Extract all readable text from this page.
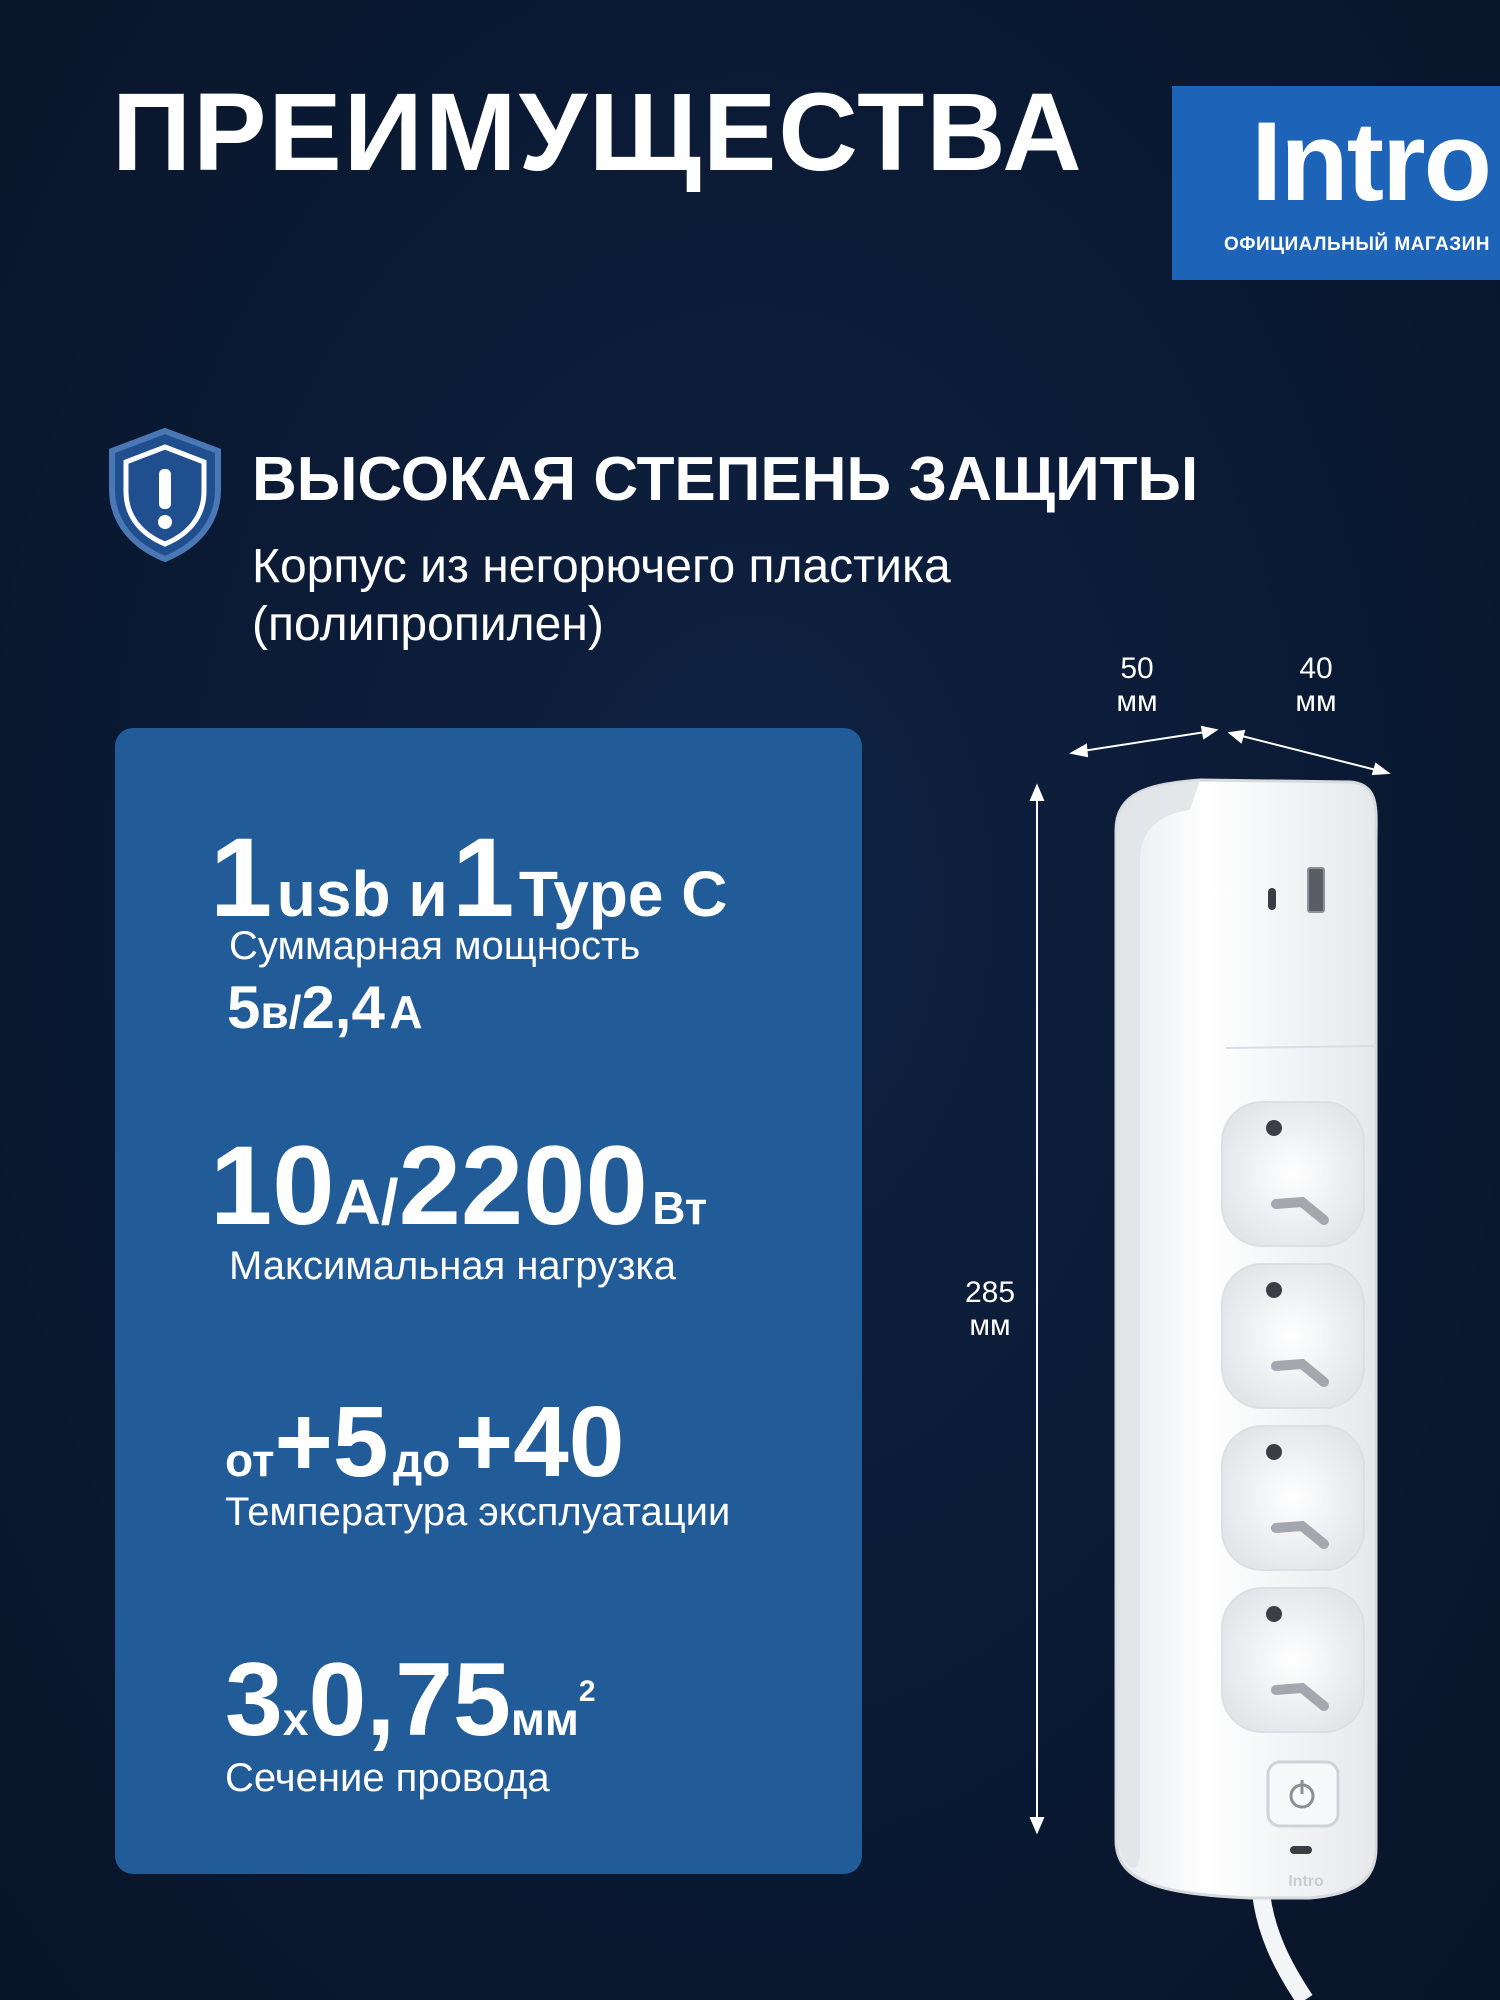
ПРЕИМУЩЕСТВА	Intro
ОФИЦИАЛЬНЫЙ МАГАЗИН
ВЫСОКАЯ СТЕПЕНЬ ЗАЩИТЫ
Корпус из негорючего пластика
(полипропилен)
1 usb и 1 Type C
Суммарная мощность
5в/2,4 А
10А/2200 Вт
Максимальная нагрузка
от+5 до +40
Температура эксплуатации
3х0,75мм2
Сечение провода
50
мм
40
мм
285
мм
Intro
